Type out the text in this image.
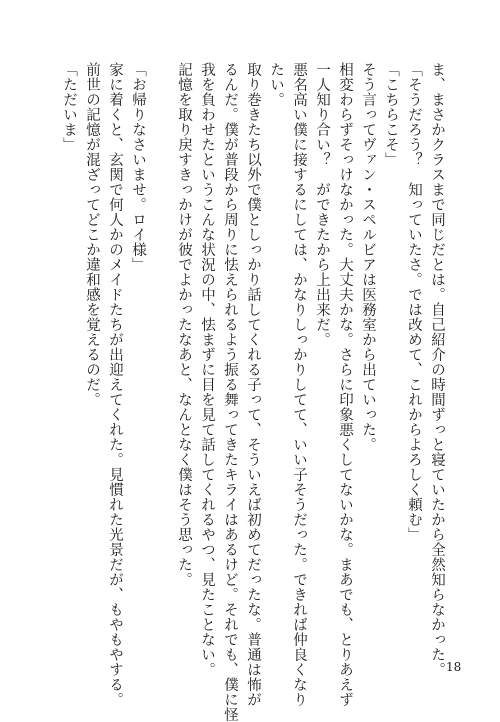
ま、まさかクラスまで同じだとは。自己紹介の時間ずっと寝ていたから全然知らなかった。
「そうだろう？　知っていたさ。では改めて、これからよろしく頼む」
「こちらこそ」
そう言ってヴァン・スペルビアは医務室から出ていった。
相変わらずそっけなかった。大丈夫かな。さらに印象悪くしてないかな。まあでも、とりあえず
一人知り合い？　ができたから上出来だ。
悪名高い僕に接するにしては、かなりしっかりしてて、いい子そうだった。できれば仲良くなり
たい。
取り巻きたち以外で僕としっかり話してくれる子って、そういえば初めてだったな。普通は怖が
るんだ。僕が普段から周りに怯えられるよう振る舞ってきたキライはあるけど。それでも、僕に怪
我を負わせたというこんな状況の中、怯まずに目を見て話してくれるやつ、見たことない。
記憶を取り戻すきっかけが彼でよかったなあと、なんとなく僕はそう思った。
「お帰りなさいませ。ロイ様」
家に着くと、玄関で何人かのメイドたちが出迎えてくれた。見慣れた光景だが、もやもやする。
前世の記憶が混ざってどこか違和感を覚えるのだ。
「ただいま」
18
